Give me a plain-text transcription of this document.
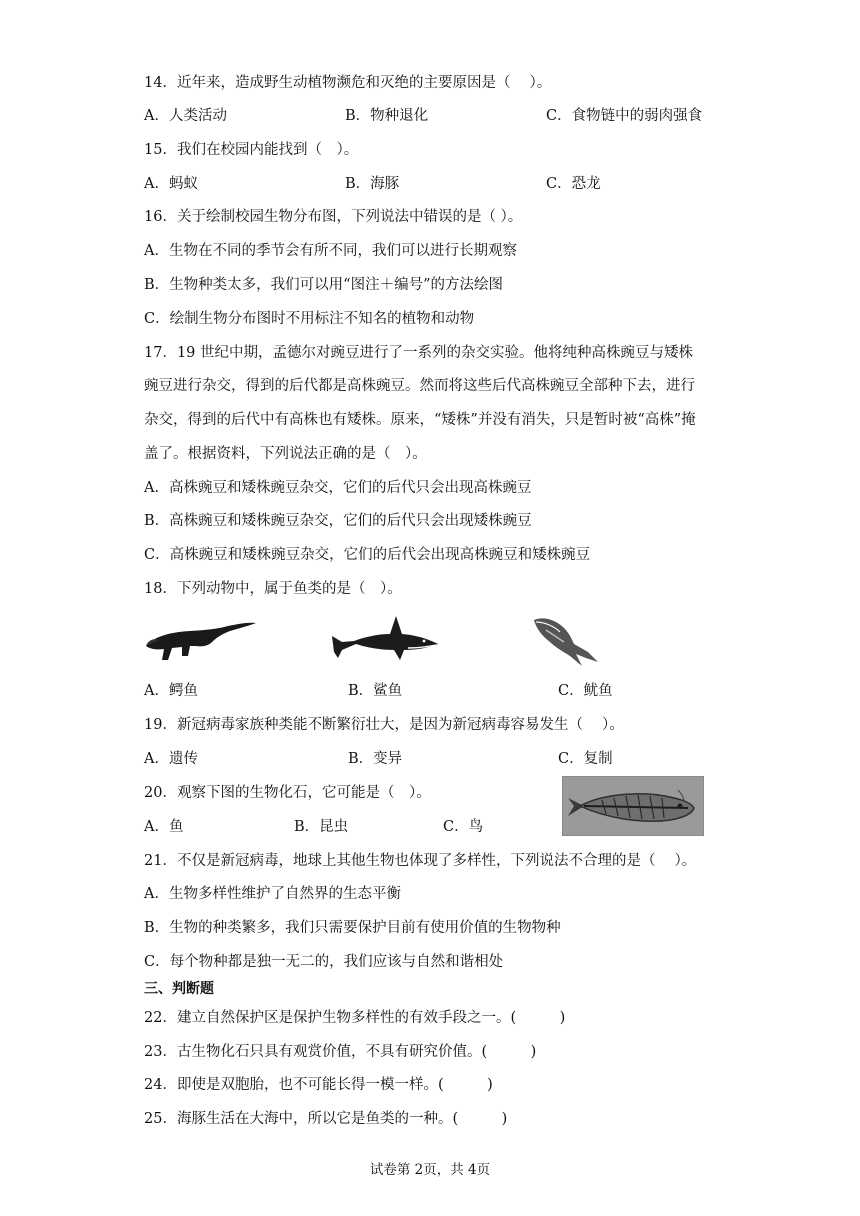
14．近年来，造成野生动植物濒危和灭绝的主要原因是（　 ）。
A．人类活动	B．物种退化	C．食物链中的弱肉强食
15．我们在校园内能找到（　）。
A．蚂蚁	B．海豚	C．恐龙
16．关于绘制校园生物分布图，下列说法中错误的是（ ）。
A．生物在不同的季节会有所不同，我们可以进行长期观察
B．生物种类太多，我们可以用“图注＋编号”的方法绘图
C．绘制生物分布图时不用标注不知名的植物和动物
17．19 世纪中期，孟德尔对豌豆进行了一系列的杂交实验。他将纯种高株豌豆与矮株
豌豆进行杂交，得到的后代都是高株豌豆。然而将这些后代高株豌豆全部种下去，进行
杂交，得到的后代中有高株也有矮株。原来，“矮株”并没有消失，只是暂时被“高株”掩
盖了。根据资料，下列说法正确的是（　）。
A．高株豌豆和矮株豌豆杂交，它们的后代只会出现高株豌豆
B．高株豌豆和矮株豌豆杂交，它们的后代只会出现矮株豌豆
C．高株豌豆和矮株豌豆杂交，它们的后代会出现高株豌豆和矮株豌豆
18．下列动物中，属于鱼类的是（　）。
A．鳄鱼	B．鲨鱼	C．鱿鱼
19．新冠病毒家族种类能不断繁衍壮大，是因为新冠病毒容易发生（　 ）。
A．遗传	B．变异	C．复制
20．观察下图的生物化石，它可能是（　）。
A．鱼	B．昆虫	C．鸟
21．不仅是新冠病毒，地球上其他生物也体现了多样性，下列说法不合理的是（　 ）。
A．生物多样性维护了自然界的生态平衡
B．生物的种类繁多，我们只需要保护目前有使用价值的生物物种
C．每个物种都是独一无二的，我们应该与自然和谐相处
三、判断题
22．建立自然保护区是保护生物多样性的有效手段之一。(　　　)
23．古生物化石只具有观赏价值，不具有研究价值。(　　　)
24．即使是双胞胎，也不可能长得一模一样。(　　　)
25．海豚生活在大海中，所以它是鱼类的一种。(　　　)
试卷第 2页，共 4页
